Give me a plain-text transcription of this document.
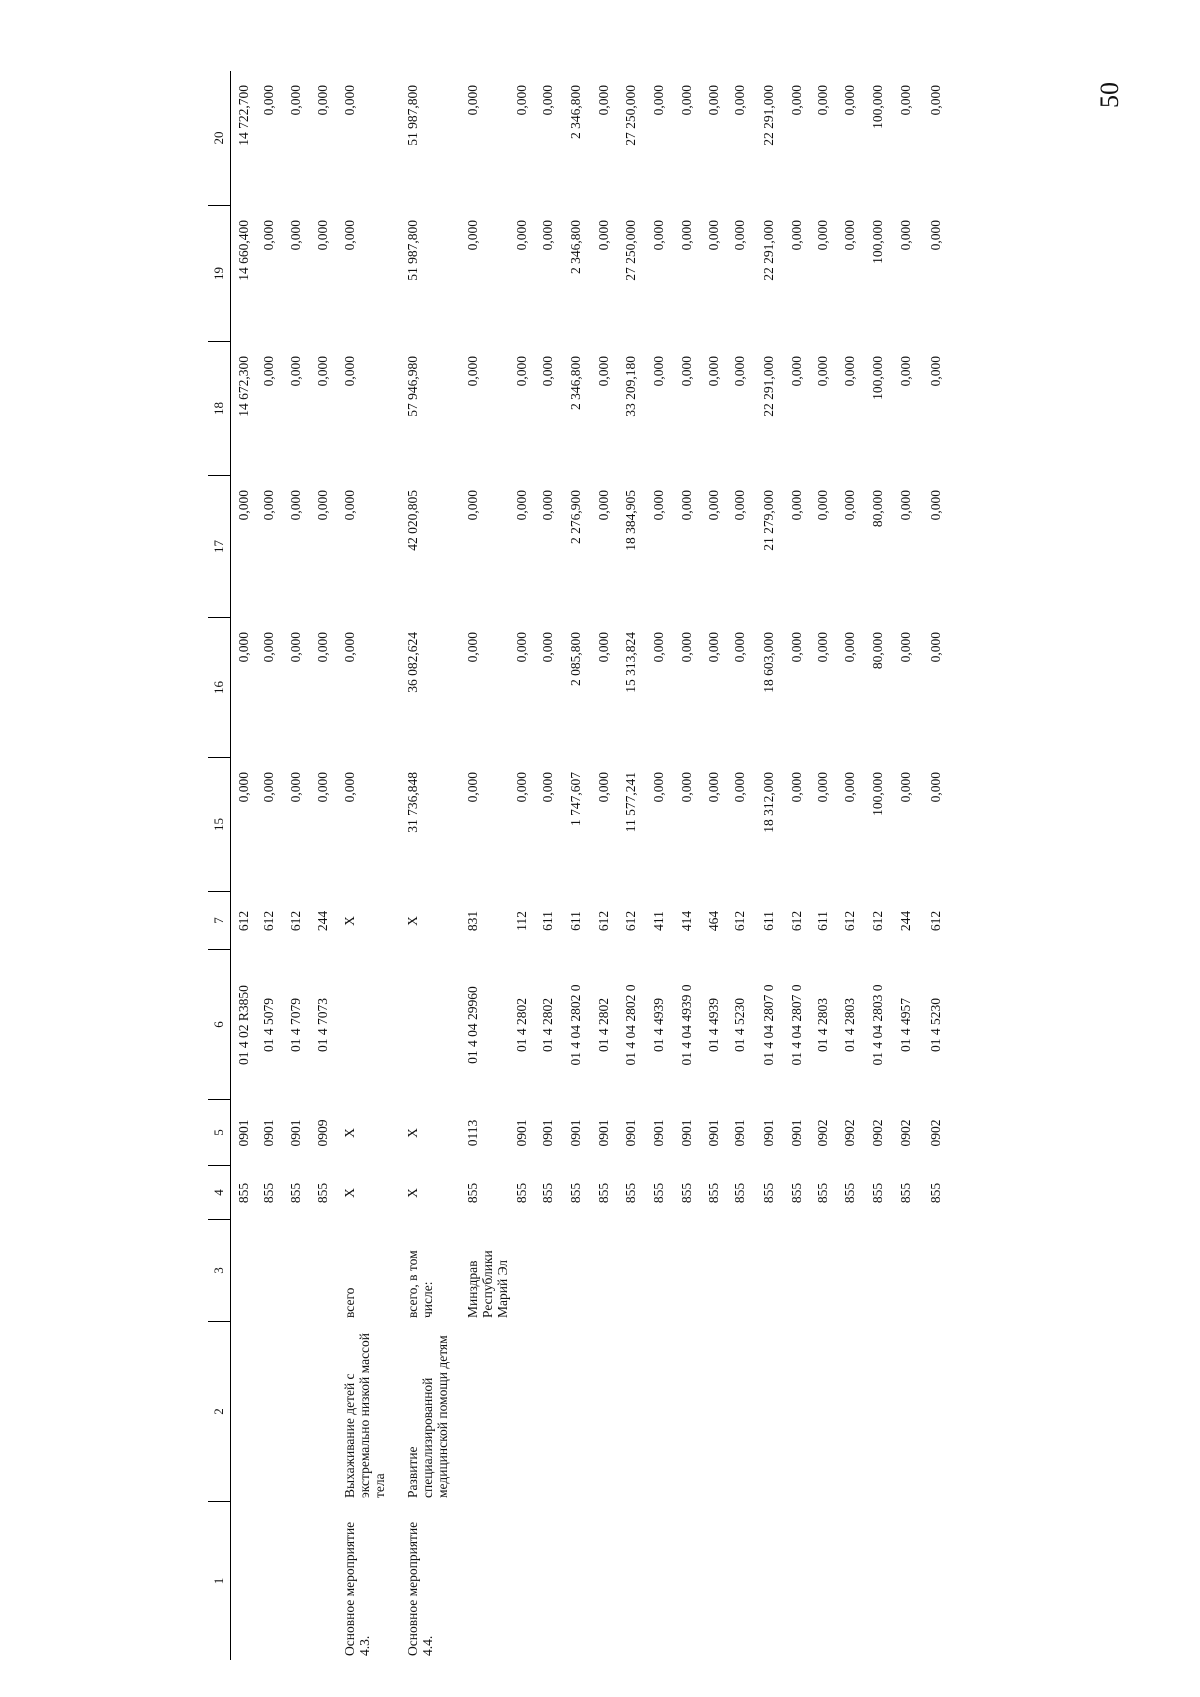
50
1
2
3
4
5
6
7
15
16
17
18
19
20
855
0901
01 4 02 R3850
612
0,000
0,000
0,000
14 672,300
14 660,400
14 722,700
855
0901
01 4 5079
612
0,000
0,000
0,000
0,000
0,000
0,000
855
0901
01 4 7079
612
0,000
0,000
0,000
0,000
0,000
0,000
855
0909
01 4 7073
244
0,000
0,000
0,000
0,000
0,000
0,000
Основное мероприятие 4.3.
Выхаживание детей с экстремально низкой массой тела
всего
Х
Х
Х
0,000
0,000
0,000
0,000
0,000
0,000
Основное мероприятие 4.4.
Развитие специализированной медицинской помощи детям
всего, в том числе:
Х
Х
Х
31 736,848
36 082,624
42 020,805
57 946,980
51 987,800
51 987,800
Минздрав Республики Марий Эл
855
0113
01 4 04 29960
831
0,000
0,000
0,000
0,000
0,000
0,000
855
0901
01 4 2802
112
0,000
0,000
0,000
0,000
0,000
0,000
855
0901
01 4 2802
611
0,000
0,000
0,000
0,000
0,000
0,000
855
0901
01 4 04 2802 0
611
1 747,607
2 085,800
2 276,900
2 346,800
2 346,800
2 346,800
855
0901
01 4 2802
612
0,000
0,000
0,000
0,000
0,000
0,000
855
0901
01 4 04 2802 0
612
11 577,241
15 313,824
18 384,905
33 209,180
27 250,000
27 250,000
855
0901
01 4 4939
411
0,000
0,000
0,000
0,000
0,000
0,000
855
0901
01 4 04 4939 0
414
0,000
0,000
0,000
0,000
0,000
0,000
855
0901
01 4 4939
464
0,000
0,000
0,000
0,000
0,000
0,000
855
0901
01 4 5230
612
0,000
0,000
0,000
0,000
0,000
0,000
855
0901
01 4 04 2807 0
611
18 312,000
18 603,000
21 279,000
22 291,000
22 291,000
22 291,000
855
0901
01 4 04 2807 0
612
0,000
0,000
0,000
0,000
0,000
0,000
855
0902
01 4 2803
611
0,000
0,000
0,000
0,000
0,000
0,000
855
0902
01 4 2803
612
0,000
0,000
0,000
0,000
0,000
0,000
855
0902
01 4 04 2803 0
612
100,000
80,000
80,000
100,000
100,000
100,000
855
0902
01 4 4957
244
0,000
0,000
0,000
0,000
0,000
0,000
855
0902
01 4 5230
612
0,000
0,000
0,000
0,000
0,000
0,000
